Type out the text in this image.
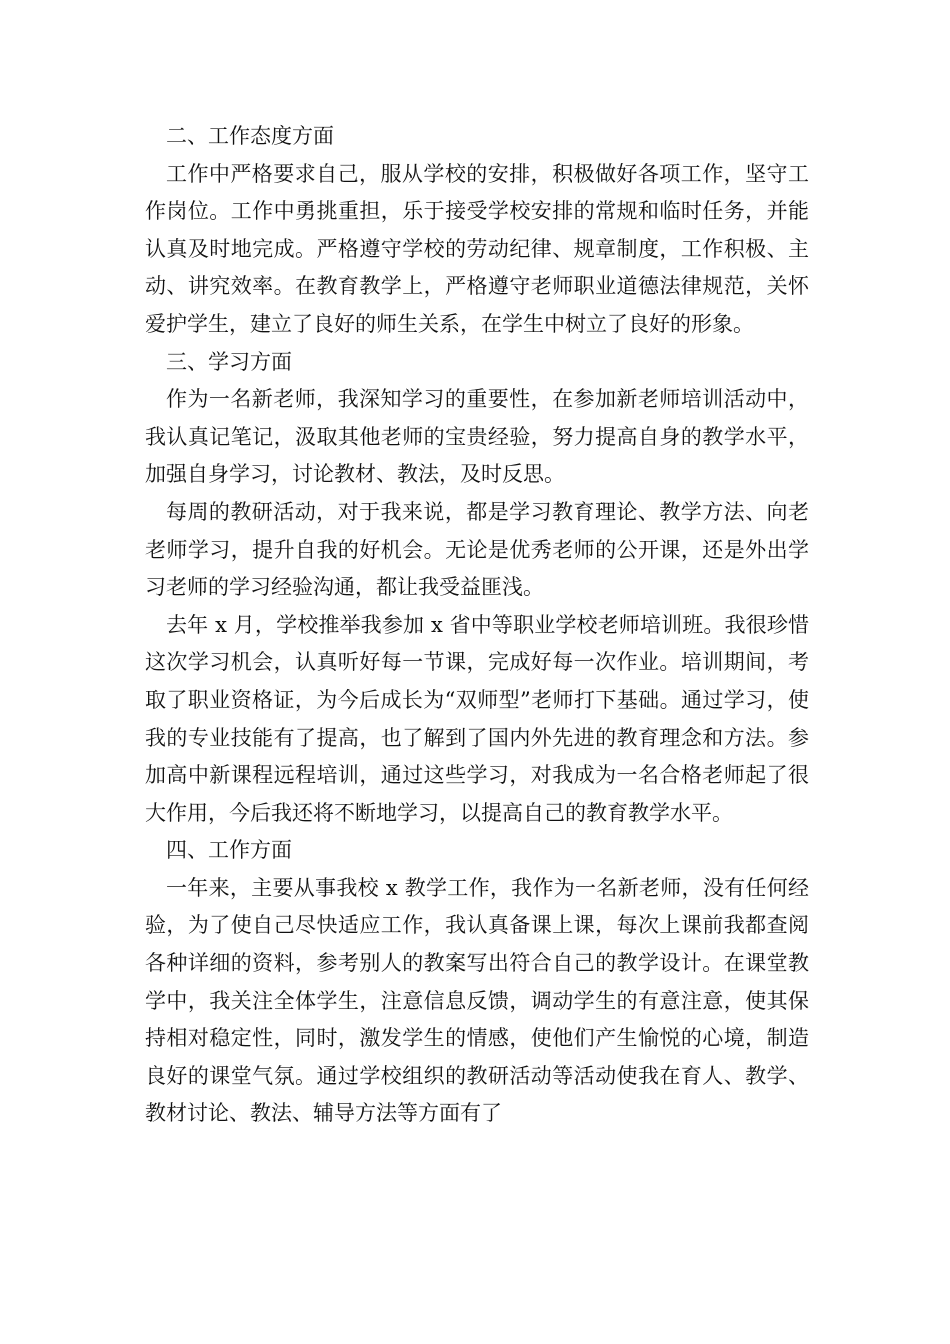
二、工作态度方面

工作中严格要求自己，服从学校的安排，积极做好各项工作，坚守工作岗位。工作中勇挑重担，乐于接受学校安排的常规和临时任务，并能认真及时地完成。严格遵守学校的劳动纪律、规章制度，工作积极、主动、讲究效率。在教育教学上，严格遵守老师职业道德法律规范，关怀爱护学生，建立了良好的师生关系，在学生中树立了良好的形象。

三、学习方面

作为一名新老师，我深知学习的重要性，在参加新老师培训活动中，我认真记笔记，汲取其他老师的宝贵经验，努力提高自身的教学水平，加强自身学习，讨论教材、教法，及时反思。

每周的教研活动，对于我来说，都是学习教育理论、教学方法、向老老师学习，提升自我的好机会。无论是优秀老师的公开课，还是外出学习老师的学习经验沟通，都让我受益匪浅。

去年 x 月，学校推举我参加 x 省中等职业学校老师培训班。我很珍惜这次学习机会，认真听好每一节课，完成好每一次作业。培训期间，考取了职业资格证，为今后成长为“双师型”老师打下基础。通过学习，使我的专业技能有了提高，也了解到了国内外先进的教育理念和方法。参加高中新课程远程培训，通过这些学习，对我成为一名合格老师起了很大作用，今后我还将不断地学习，以提高自己的教育教学水平。

四、工作方面

一年来，主要从事我校 x 教学工作，我作为一名新老师，没有任何经验，为了使自己尽快适应工作，我认真备课上课，每次上课前我都查阅各种详细的资料，参考别人的教案写出符合自己的教学设计。在课堂教学中，我关注全体学生，注意信息反馈，调动学生的有意注意，使其保持相对稳定性，同时，激发学生的情感，使他们产生愉悦的心境，制造良好的课堂气氛。通过学校组织的教研活动等活动使我在育人、教学、教材讨论、教法、辅导方法等方面有了
